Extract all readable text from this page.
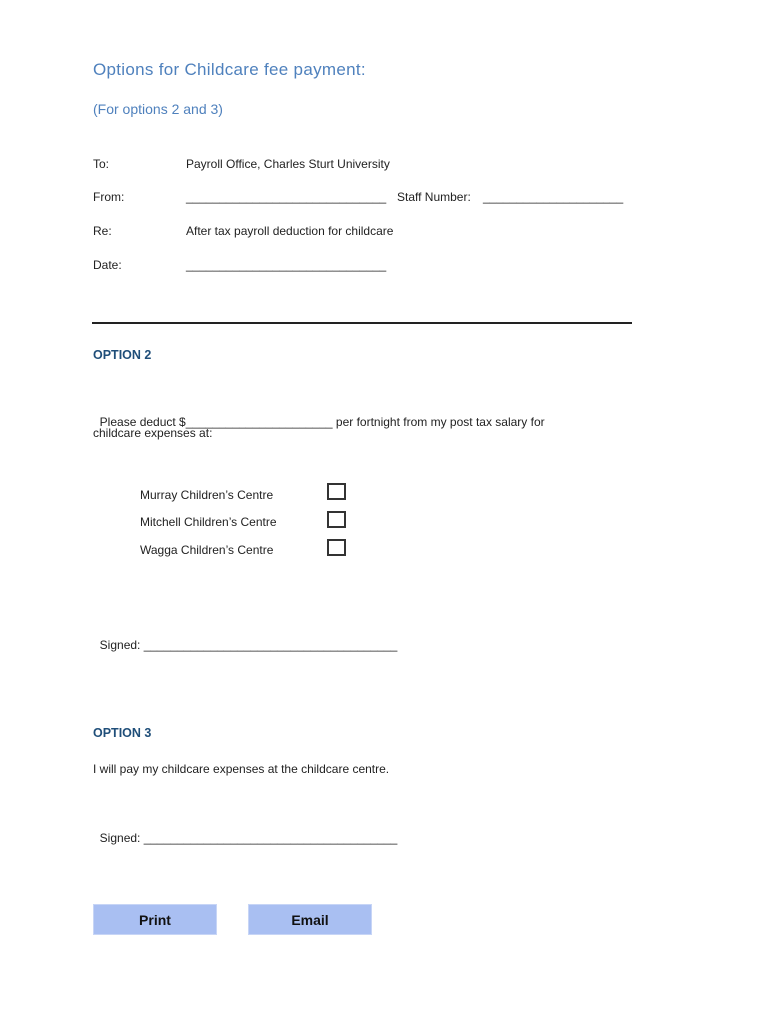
Options for Childcare fee payment:
(For options 2 and 3)
To:	Payroll Office, Charles Sturt University
From:	______________________________ Staff Number: _____________________
Re:	After tax payroll deduction for childcare
Date:	______________________________
OPTION 2

Please deduct $______________________ per fortnight from my post tax salary for

childcare expenses at:
Murray Children’s Centre
Mitchell Children’s Centre
Wagga Children’s Centre

Signed: ______________________________________

OPTION 3
I will pay my childcare expenses at the childcare centre.

Signed: ______________________________________

Print	Email
